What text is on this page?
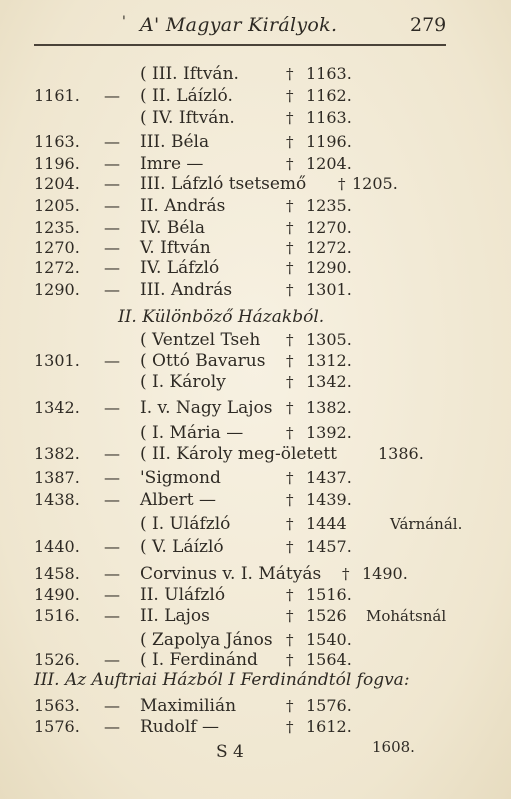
' A' Magyar Királyok.	279
( III. Iftván.	† 1163.
1161. — ( II. Láízló.	† 1162.
( IV. Iftván.	† 1163.
1163. — III. Béla	† 1196.
1196. — Imre —	† 1204.
1204. — III. Láfzló tsetsemő † 1205.
1205. — II. András	† 1235.
1235. — IV. Béla	† 1270.
1270. — V. Iftván	† 1272.
1272. — IV. Láfzló	† 1290.
1290. — III. András	† 1301.
( Ventzel Tseh † 1305.
1301. — ( Ottó Bavarus † 1312.
( I. Károly	† 1342.
1342. — I. v. Nagy Lajos † 1382.
( I. Mária —	† 1392.
1382. — ( II. Károly meg-öletett	1386.
1387. — 'Sigmond	† 1437.
1438. — Albert —	† 1439.
( I. Uláfzló	† 1444	Várnánál.
1440. — ( V. Láízló	† 1457.
1458. — Corvinus v. I. Mátyás † 1490.
1490. — II. Uláfzló	† 1516.
1516. — II. Lajos	† 1526 Mohátsnál
( Zapolya János † 1540.
1526. — ( I. Ferdinánd † 1564.
1563. — Maximilián	† 1576.
1576. — Rudolf —	† 1612.
II. Különböző Házakból.
III. Az Auftriai Házból I Ferdinándtól fogva:
S 4	1608.
